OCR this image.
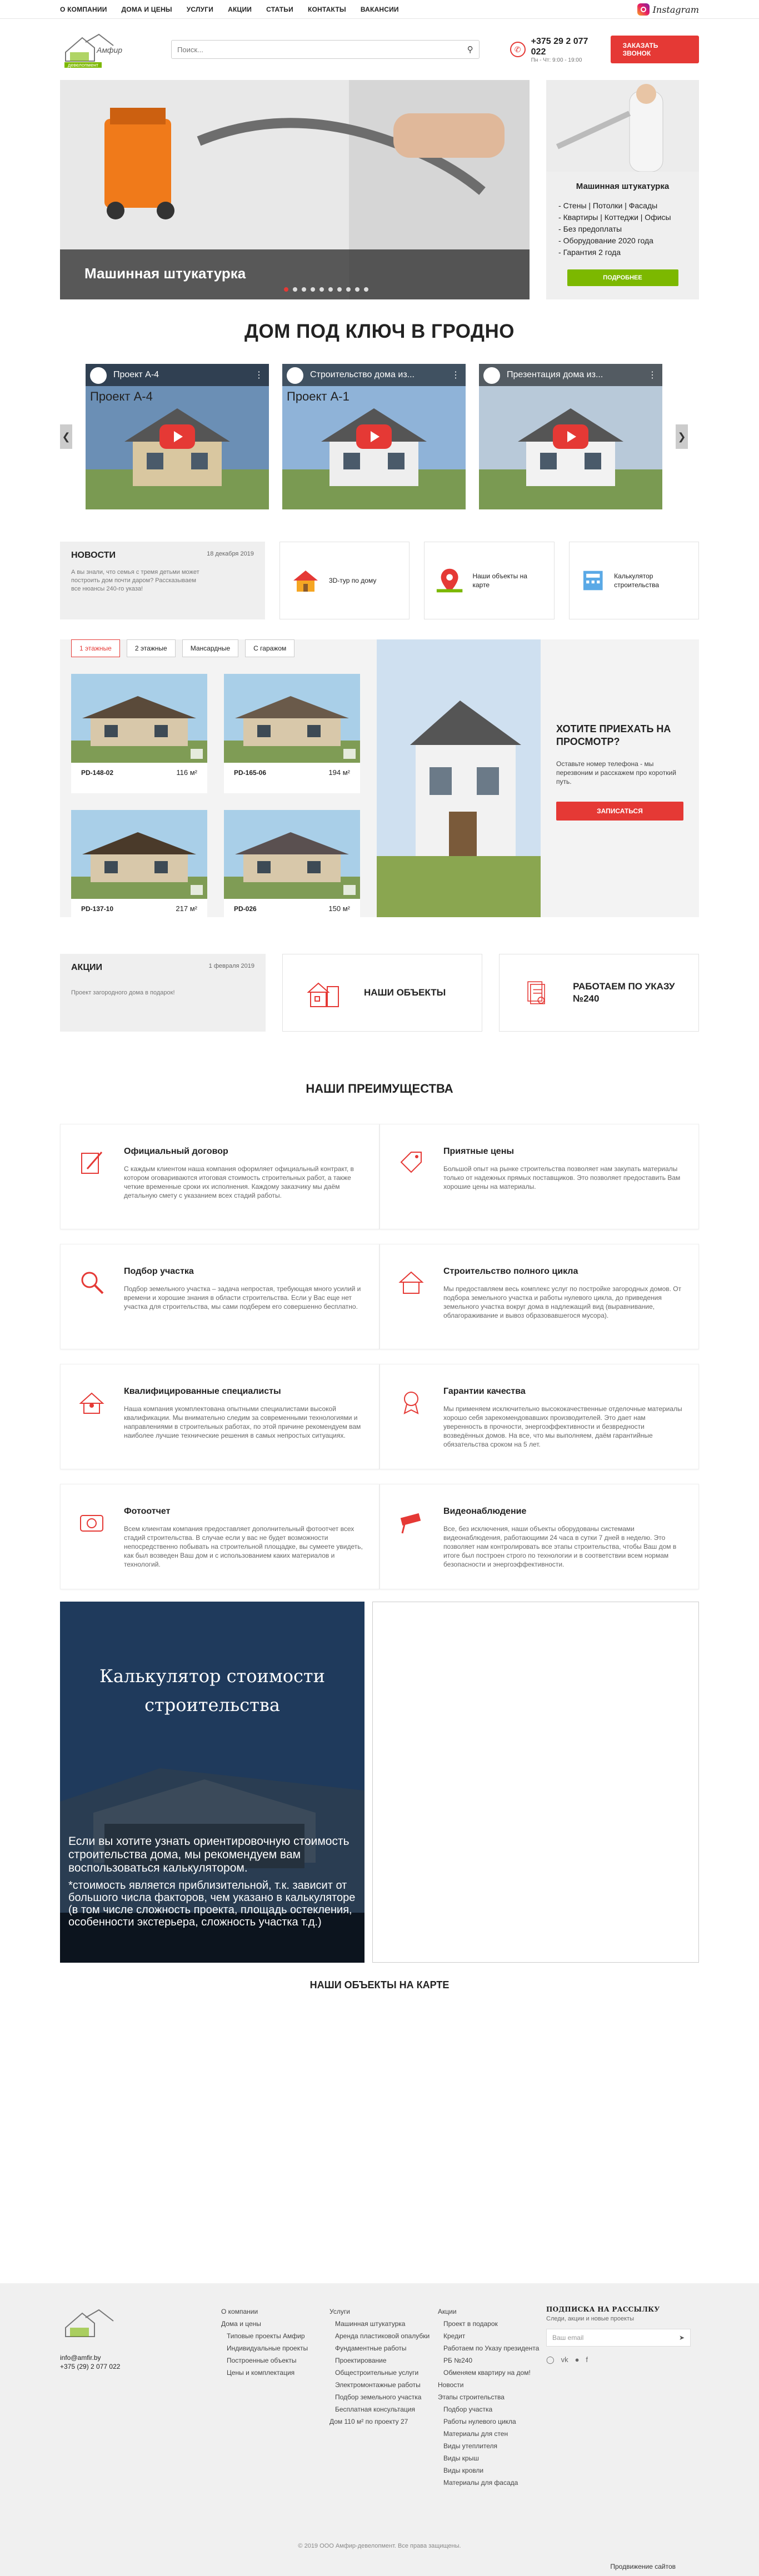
О КОМПАНИИ ДОМА И ЦЕНЫ УСЛУГИ АКЦИИ СТАТЬИ КОНТАКТЫ ВАКАНСИИ	Instagram
Амфир
девелопмент
Поиск...
⚲	✆
+375 29 2 077 022
Пн - Чт: 9:00 - 19:00
ЗАКАЗАТЬ ЗВОНОК
Машинная штукатурка
Машинная штукатурка
- Стены | Потолки | Фасады
- Квартиры | Коттеджи | Офисы
- Без предоплаты
- Оборудование 2020 года
- Гарантия 2 года
ПОДРОБНЕЕ
ДОМ ПОД КЛЮЧ В ГРОДНО
❮
Проект А-4	⋮
Проект А-4
Строительство дома из...	⋮
Проект А-1
Презентация дома из...	⋮
❯
НОВОСТИ	18 декабря 2019

А вы знали, что семья с тремя детьми может построить дом почти даром? Рассказываем все нюансы 240-го указа!

3D-тур по дому
Наши объекты на карте
Калькулятор строительства
1 этажные	2 этажные	Мансардные	С гаражом
PD-148-02	116 м²	PD-165-06	194 м²
PD-137-10	217 м²	PD-026	150 м²
ХОТИТЕ ПРИЕХАТЬ НА ПРОСМОТР?

Оставьте номер телефона - мы перезвоним и расскажем про короткий путь.

ЗАПИСАТЬСЯ
АКЦИИ	1 февраля 2019

Проект загородного дома в подарок!	НАШИ ОБЪЕКТЫ
РАБОТАЕМ ПО УКАЗУ №240
НАШИ ПРЕИМУЩЕСТВА
Официальный договор

С каждым клиентом наша компания оформляет официальный контракт, в котором оговариваются итоговая стоимость строительных работ, а также четкие временные сроки их исполнения. Каждому заказчику мы даём детальную смету с указанием всех стадий работы.

Приятные цены

Большой опыт на рынке строительства позволяет нам закупать материалы только от надежных прямых поставщиков. Это позволяет предоставить Вам хорошие цены на материалы.

Подбор участка

Подбор земельного участка – задача непростая, требующая много усилий и времени и хорошие знания в области строительства. Если у Вас еще нет участка для строительства, мы сами подберем его совершенно бесплатно.

Строительство полного цикла

Мы предоставляем весь комплекс услуг по постройке загородных домов. От подбора земельного участка и работы нулевого цикла, до приведения земельного участка вокруг дома в надлежащий вид (выравнивание, облагораживание и вывоз образовавшегося мусора).

Квалифицированные специалисты

Наша компания укомплектована опытными специалистами высокой квалификации. Мы внимательно следим за современными технологиями и направлениями в строительных работах, по этой причине рекомендуем вам наиболее лучшие технические решения в самых непростых ситуациях.

Гарантии качества

Мы применяем исключительно высококачественные отделочные материалы хорошо себя зарекомендовавших производителей. Это дает нам уверенность в прочности, энергоэффективности и безвредности возведённых домов. На все, что мы выполняем, даём гарантийные обязательства сроком на 5 лет.

Фотоотчет

Всем клиентам компания предоставляет дополнительный фотоотчет всех стадий строительства. В случае если у вас не будет возможности непосредственно побывать на строительной площадке, вы сумеете увидеть, как был возведен Ваш дом и с использованием каких материалов и технологий.

Видеонаблюдение

Все, без исключения, наши объекты оборудованы системами видеонаблюдения, работающими 24 часа в сутки 7 дней в неделю. Это позволяет нам контролировать все этапы строительства, чтобы Ваш дом в итоге был построен строго по технологии и в соответствии всем нормам безопасности и энергоэффективности.

Калькулятор стоимости
строительства
Если вы хотите узнать ориентировочную стоимость строительства дома, мы рекомендуем вам воспользоваться калькулятором.
*стоимость является приблизительной, т.к. зависит от большого числа факторов, чем указано в калькуляторе (в том числе сложность проекта, площадь остекления, особенности экстерьера, сложность участка т.д.)
НАШИ ОБЪЕКТЫ НА КАРТЕ
info@amfir.by
+375 (29) 2 077 022
О компании
Дома и цены
Типовые проекты Амфир
Индивидуальные проекты
Построенные объекты
Цены и комплектация
Услуги
Машинная штукатурка
Аренда пластиковой опалубки
Фундаментные работы
Проектирование
Общестроительные услуги
Электромонтажные работы
Подбор земельного участка
Бесплатная консультация
Дом 110 м² по проекту 27
Акции
Проект в подарок
Кредит
Работаем по Указу президента РБ №240
Обменяем квартиру на дом!
Новости
Этапы строительства
Подбор участка
Работы нулевого цикла
Материалы для стен
Виды утеплителя
Виды крыш
Виды кровли
Материалы для фасада
ПОДПИСКА НА РАССЫЛКУ
Следи, акции и новые проекты
Ваш email	➤
◯ vk ● f
© 2019 ООО Амфир-девелопмент. Все права защищены.
Продвижение сайтов
